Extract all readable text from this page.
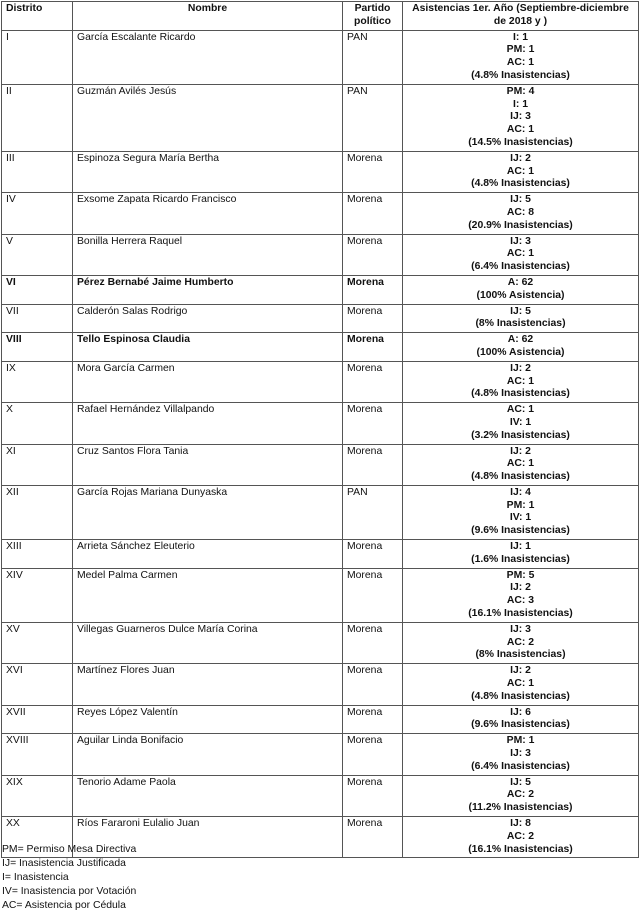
Distrito	Nombre	Partido político	Asistencias 1er. Año (Septiembre-diciembre de 2018 y )
I	García Escalante Ricardo	PAN	I: 1
PM: 1
AC: 1
(4.8% Inasistencias)

II	Guzmán Avilés Jesús	PAN	PM: 4
I: 1
IJ: 3
AC: 1
(14.5% Inasistencias)

III	Espinoza Segura María Bertha	Morena	IJ: 2
AC: 1
(4.8% Inasistencias)

IV	Exsome Zapata Ricardo Francisco	Morena	IJ: 5
AC: 8
(20.9% Inasistencias)

V	Bonilla Herrera Raquel	Morena	IJ: 3
AC: 1
(6.4% Inasistencias)

VI	Pérez Bernabé Jaime Humberto	Morena	A: 62
(100% Asistencia)

VII	Calderón Salas Rodrigo	Morena	IJ: 5
(8% Inasistencias)

VIII	Tello Espinosa Claudia	Morena	A: 62
(100% Asistencia)

IX	Mora García Carmen	Morena	IJ: 2
AC: 1
(4.8% Inasistencias)

X	Rafael Hernández Villalpando	Morena	AC: 1
IV: 1
(3.2% Inasistencias)

XI	Cruz Santos Flora Tania	Morena	IJ: 2
AC: 1
(4.8% Inasistencias)

XII	García Rojas Mariana Dunyaska	PAN	IJ: 4
PM: 1
IV: 1
(9.6% Inasistencias)

XIII	Arrieta Sánchez Eleuterio	Morena	IJ: 1
(1.6% Inasistencias)

XIV	Medel Palma Carmen	Morena	PM: 5
IJ: 2
AC: 3
(16.1% Inasistencias)

XV	Villegas Guarneros Dulce María Corina	Morena	IJ: 3
AC: 2
(8% Inasistencias)

XVI	Martínez Flores Juan	Morena	IJ: 2
AC: 1
(4.8% Inasistencias)

XVII	Reyes López Valentín	Morena	IJ: 6
(9.6% Inasistencias)

XVIII	Aguilar Linda Bonifacio	Morena	PM: 1
IJ: 3
(6.4% Inasistencias)

XIX	Tenorio Adame Paola	Morena	IJ: 5
AC: 2
(11.2% Inasistencias)

XX	Ríos Fararoni Eulalio Juan	Morena	IJ: 8
AC: 2
(16.1% Inasistencias)
PM= Permiso Mesa Directiva
IJ= Inasistencia Justificada
I= Inasistencia
IV= Inasistencia por Votación
AC= Asistencia por Cédula
